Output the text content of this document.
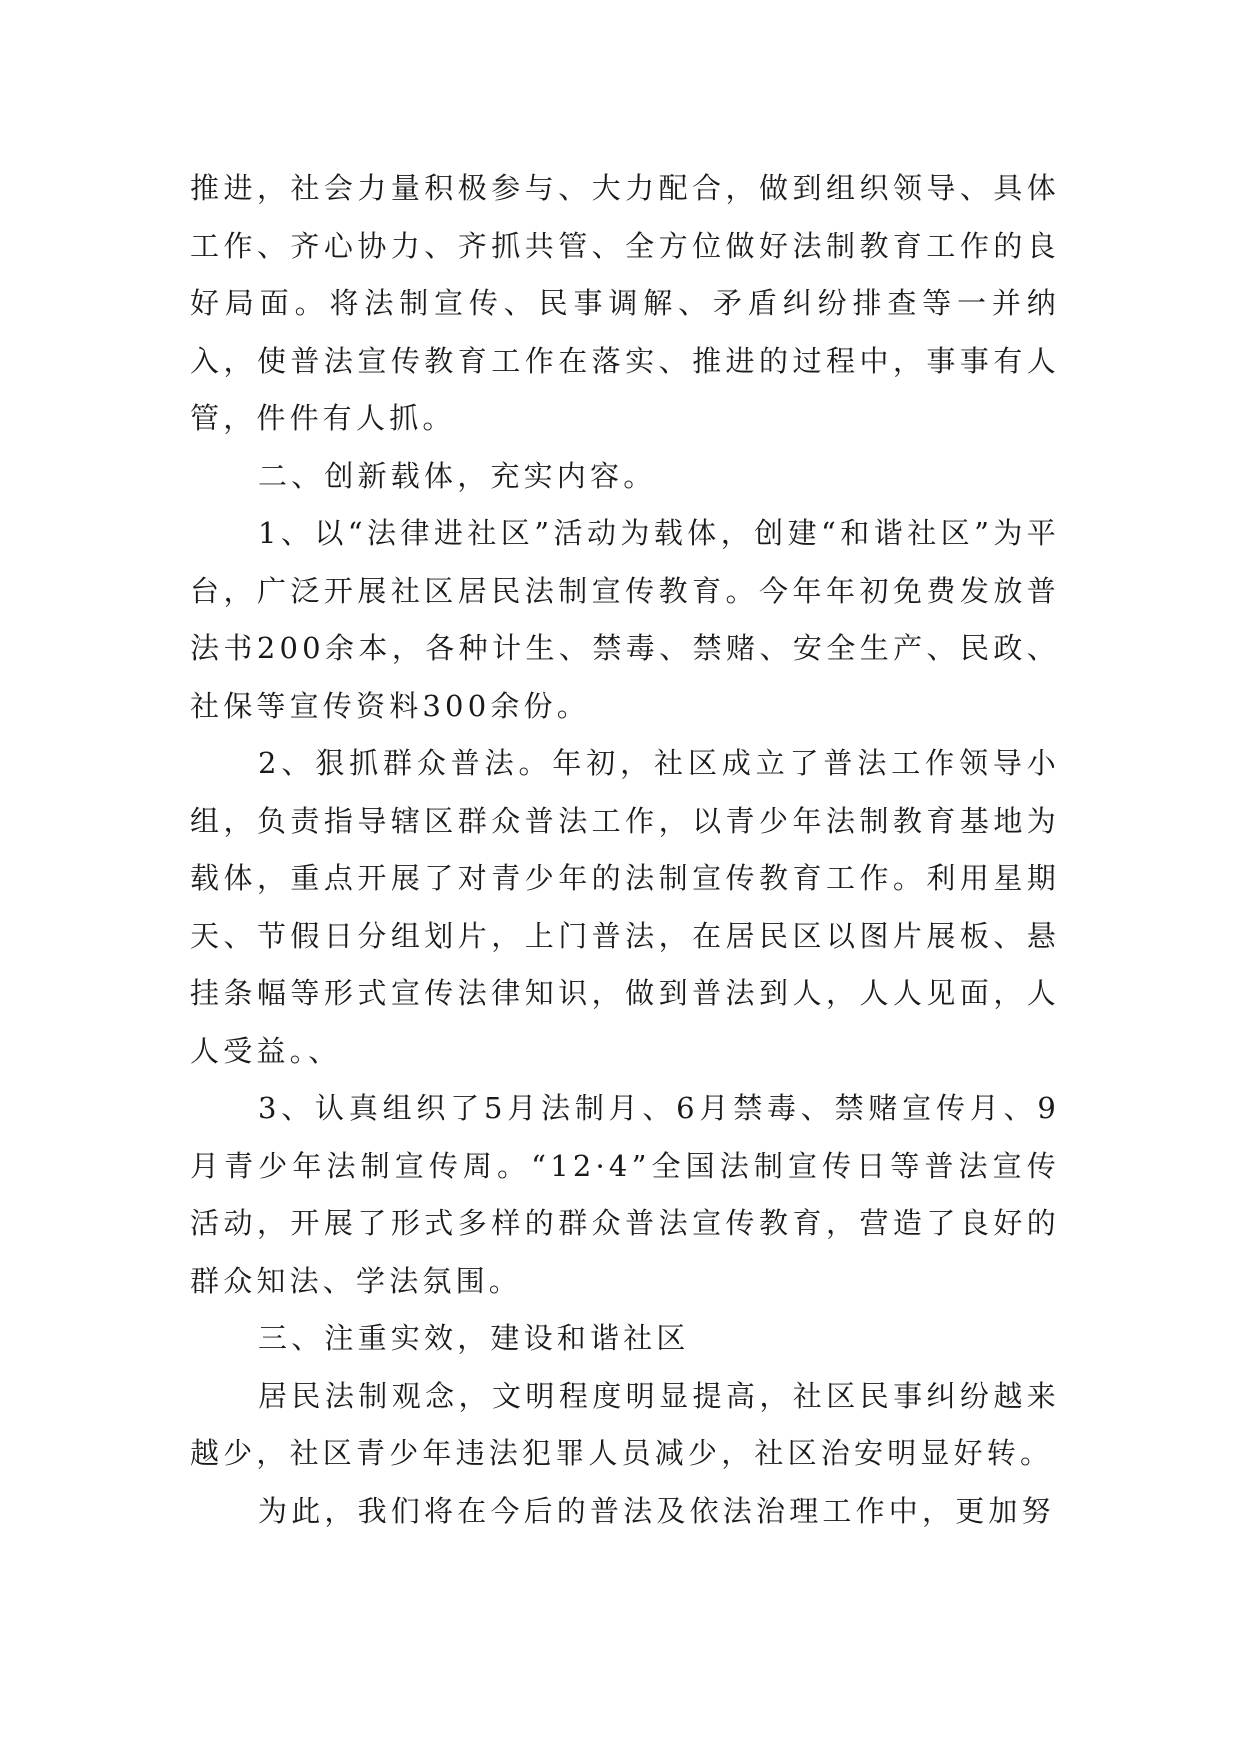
推进，社会力量积极参与、大力配合，做到组织领导、具体工作、齐心协力、齐抓共管、全方位做好法制教育工作的良好局面。将法制宣传、民事调解、矛盾纠纷排查等一并纳入，使普法宣传教育工作在落实、推进的过程中，事事有人管，件件有人抓。

二、创新载体，充实内容。

1、以“法律进社区”活动为载体，创建“和谐社区”为平台，广泛开展社区居民法制宣传教育。今年年初免费发放普法书200余本，各种计生、禁毒、禁赌、安全生产、民政、社保等宣传资料300余份。

2、狠抓群众普法。年初，社区成立了普法工作领导小组，负责指导辖区群众普法工作，以青少年法制教育基地为载体，重点开展了对青少年的法制宣传教育工作。利用星期天、节假日分组划片，上门普法，在居民区以图片展板、悬挂条幅等形式宣传法律知识，做到普法到人，人人见面，人人受益。、

3、认真组织了5月法制月、6月禁毒、禁赌宣传月、9月青少年法制宣传周。“12·4”全国法制宣传日等普法宣传活动，开展了形式多样的群众普法宣传教育，营造了良好的群众知法、学法氛围。

三、注重实效，建设和谐社区

居民法制观念，文明程度明显提高，社区民事纠纷越来越少，社区青少年违法犯罪人员减少，社区治安明显好转。

为此，我们将在今后的普法及依法治理工作中，更加努
